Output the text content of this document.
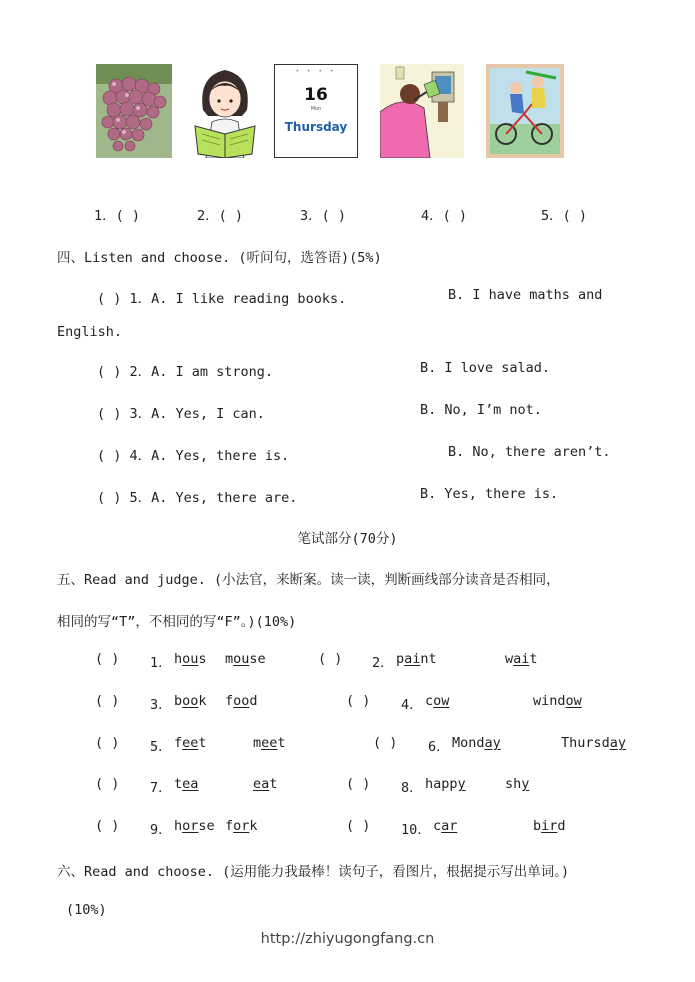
• • • •
16
Mon
Thursday
1．( )	2．( )	3．( )	4．( )	5．( )
四、Listen and choose. (听问句，选答语)(5%)
( ) 1．A. I like reading books.	B. I have maths and
English.
( ) 2．A. I am strong.	B. I love salad.
( ) 3．A. Yes, I can.	B. No, I’m not.
( ) 4．A. Yes, there is.	B. No, there aren’t.
( ) 5．A. Yes, there are.	B. Yes, there is.
笔试部分(70分)
五、Read and judge. (小法官，来断案。读一读，判断画线部分读音是否相同，
相同的写“T”，不相同的写“F”。)(10%)
( ) 1． hous mouse	( ) 2． paint	wait
( ) 3． book food	( ) 4． cow	window
( ) 5． feet	meet	( ) 6． Monday	Thursday
( ) 7． tea	eat	( ) 8． happy	shy
( ) 9． horse fork	( ) 10． car	bird
六、Read and choose. (运用能力我最棒！读句子，看图片，根据提示写出单词。)
(10%)
http://zhiyugongfang.cn
